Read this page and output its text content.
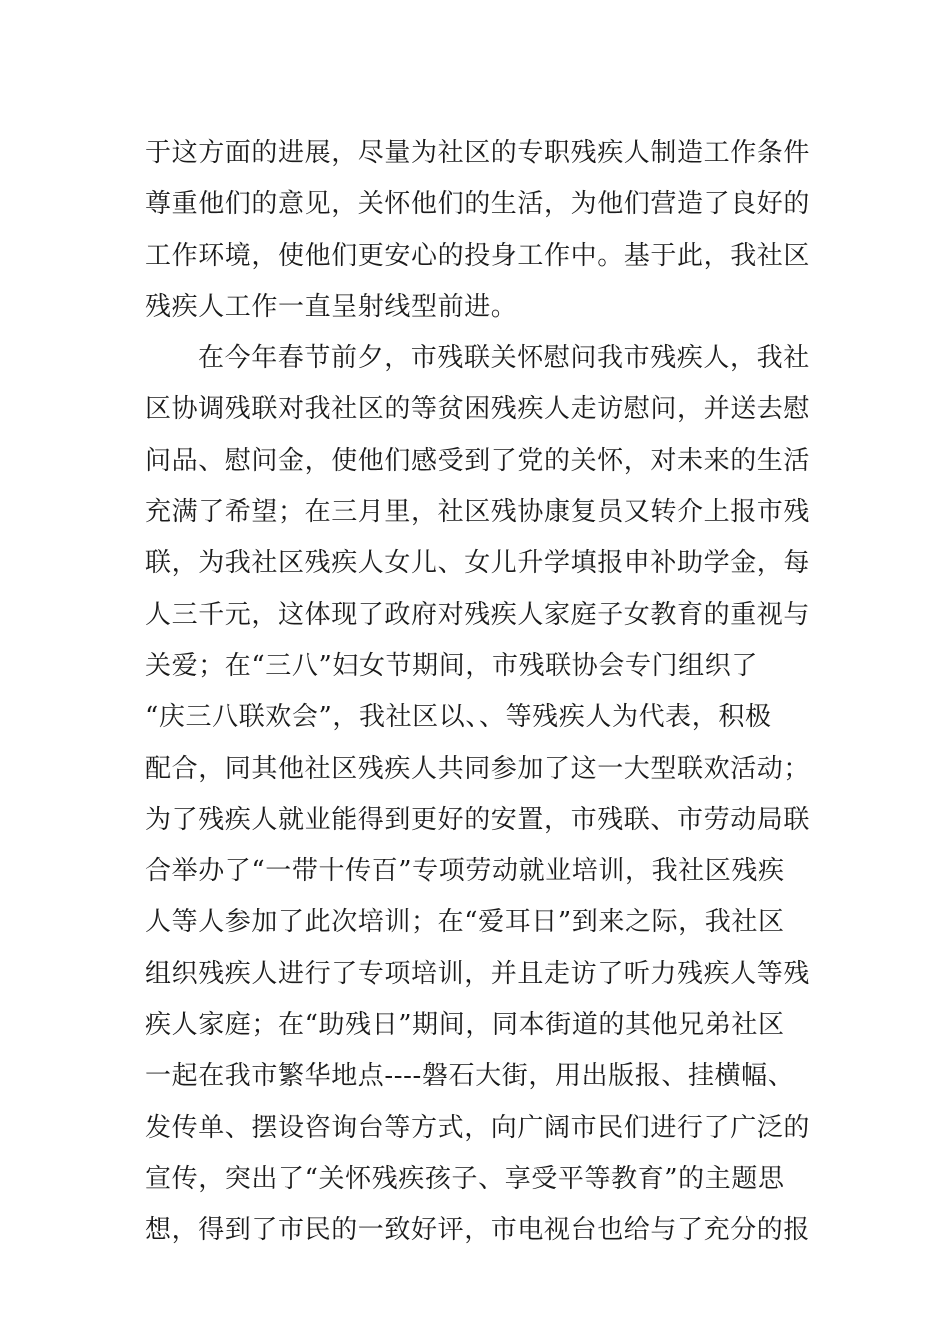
于这方面的进展，尽量为社区的专职残疾人制造工作条件
尊重他们的意见，关怀他们的生活，为他们营造了良好的
工作环境，使他们更安心的投身工作中。基于此，我社区
残疾人工作一直呈射线型前进。
在今年春节前夕，市残联关怀慰问我市残疾人，我社
区协调残联对我社区的等贫困残疾人走访慰问，并送去慰
问品、慰问金，使他们感受到了党的关怀，对未来的生活
充满了希望；在三月里，社区残协康复员又转介上报市残
联，为我社区残疾人女儿、女儿升学填报申补助学金，每
人三千元，这体现了政府对残疾人家庭子女教育的重视与
关爱；在“三八”妇女节期间，市残联协会专门组织了
“庆三八联欢会”，我社区以、、等残疾人为代表，积极
配合，同其他社区残疾人共同参加了这一大型联欢活动；
为了残疾人就业能得到更好的安置，市残联、市劳动局联
合举办了“一带十传百”专项劳动就业培训，我社区残疾
人等人参加了此次培训；在“爱耳日”到来之际，我社区
组织残疾人进行了专项培训，并且走访了听力残疾人等残
疾人家庭；在“助残日”期间，同本街道的其他兄弟社区
一起在我市繁华地点----磐石大街，用出版报、挂横幅、
发传单、摆设咨询台等方式，向广阔市民们进行了广泛的
宣传，突出了“关怀残疾孩子、享受平等教育”的主题思
想，得到了市民的一致好评，市电视台也给与了充分的报
